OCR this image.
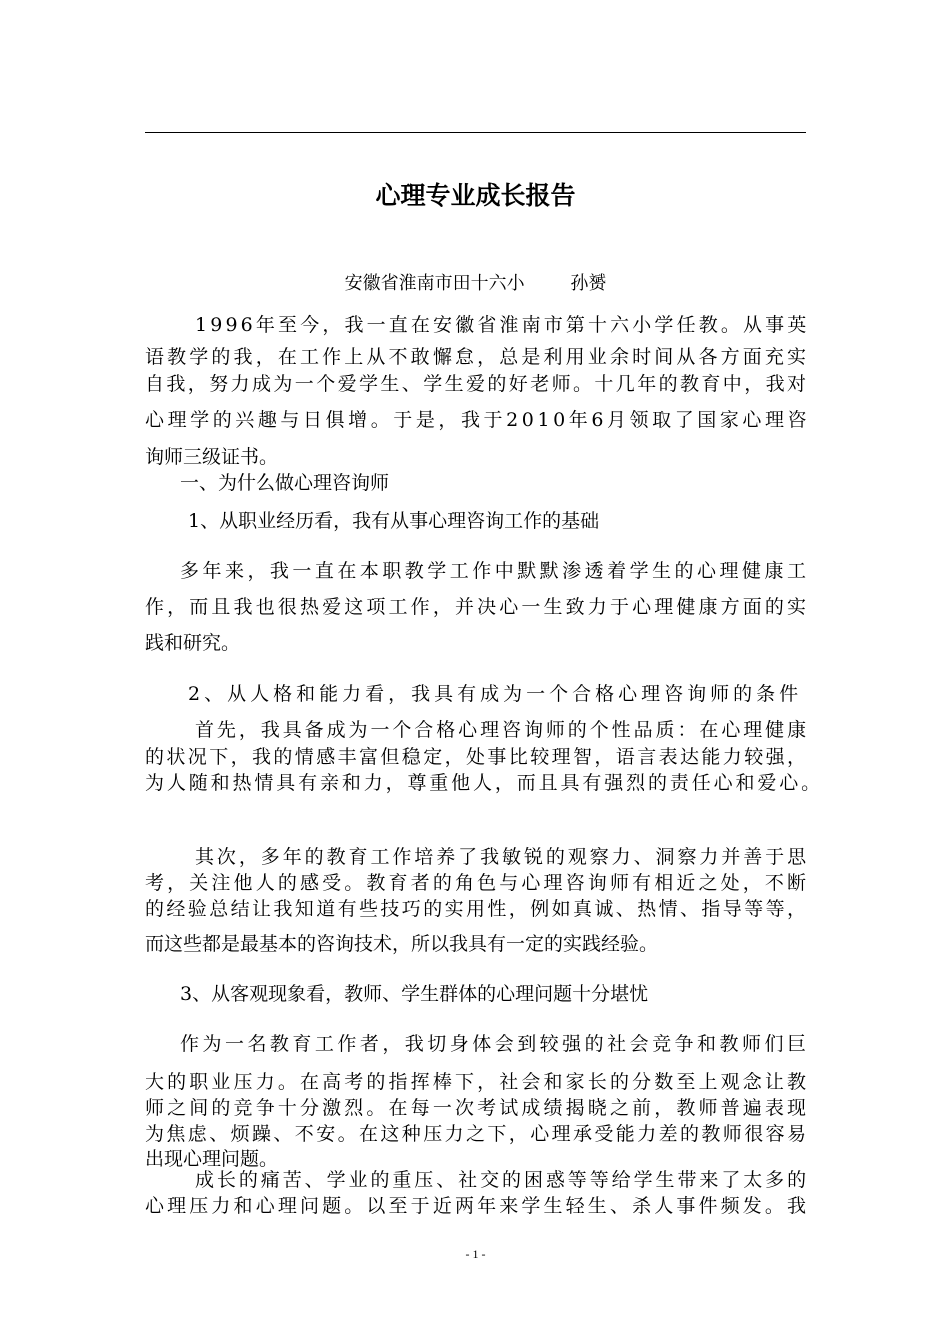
心理专业成长报告
安徽省淮南市田十六小        孙赟
1996年至今，我一直在安徽省淮南市第十六小学任教。从事英
语教学的我，在工作上从不敢懈怠，总是利用业余时间从各方面充实
自我，努力成为一个爱学生、学生爱的好老师。十几年的教育中，我对
心理学的兴趣与日俱增。于是，我于2010年6月领取了国家心理咨
询师三级证书。
一、为什么做心理咨询师
1、从职业经历看，我有从事心理咨询工作的基础
多年来，我一直在本职教学工作中默默渗透着学生的心理健康工
作，而且我也很热爱这项工作，并决心一生致力于心理健康方面的实
践和研究。
2、从人格和能力看，我具有成为一个合格心理咨询师的条件
首先，我具备成为一个合格心理咨询师的个性品质：在心理健康
的状况下，我的情感丰富但稳定，处事比较理智，语言表达能力较强，
为人随和热情具有亲和力，尊重他人，而且具有强烈的责任心和爱心。
其次，多年的教育工作培养了我敏锐的观察力、洞察力并善于思
考，关注他人的感受。教育者的角色与心理咨询师有相近之处，不断
的经验总结让我知道有些技巧的实用性，例如真诚、热情、指导等等，
而这些都是最基本的咨询技术，所以我具有一定的实践经验。
3、从客观现象看，教师、学生群体的心理问题十分堪忧
作为一名教育工作者，我切身体会到较强的社会竞争和教师们巨
大的职业压力。在高考的指挥棒下，社会和家长的分数至上观念让教
师之间的竞争十分激烈。在每一次考试成绩揭晓之前，教师普遍表现
为焦虑、烦躁、不安。在这种压力之下，心理承受能力差的教师很容易
出现心理问题。
成长的痛苦、学业的重压、社交的困惑等等给学生带来了太多的
心理压力和心理问题。以至于近两年来学生轻生、杀人事件频发。我
- 1 -
